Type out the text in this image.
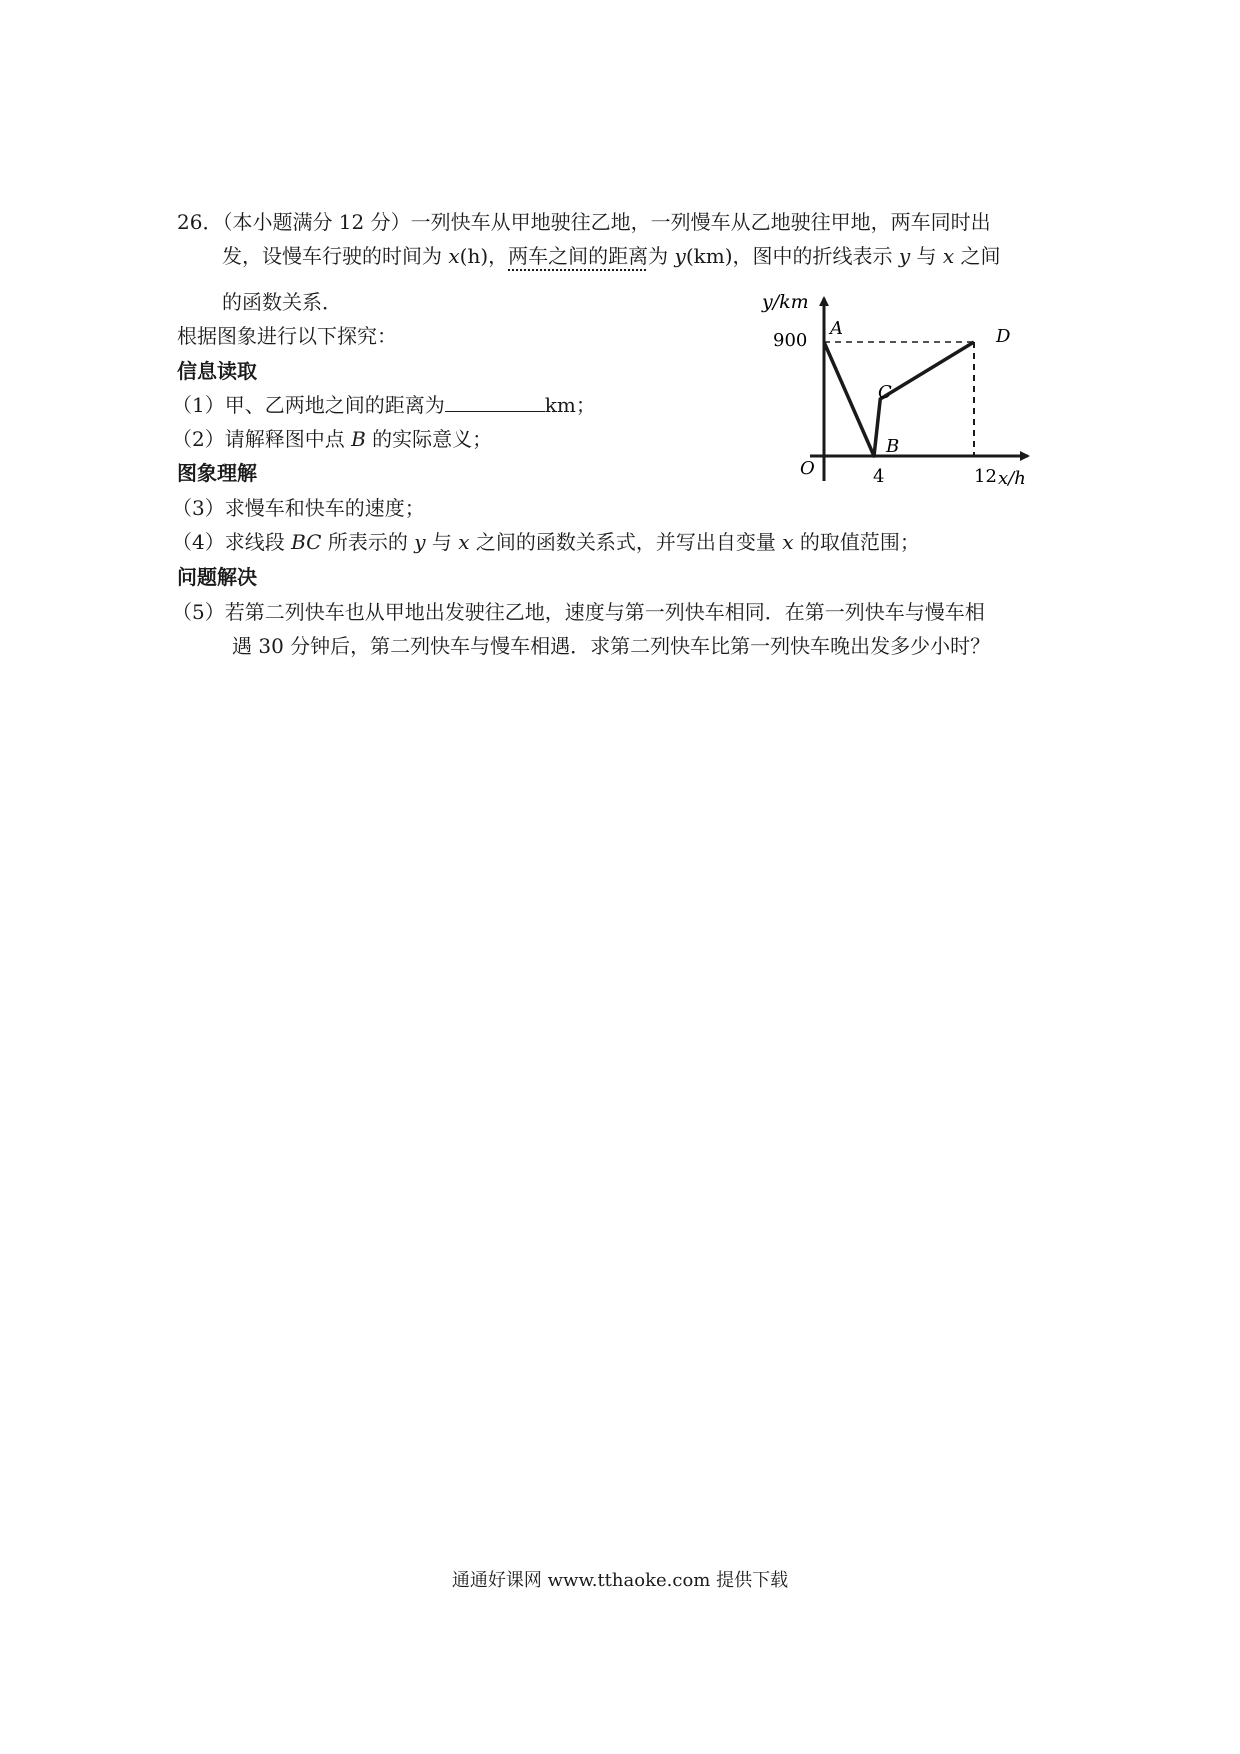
26．（本小题满分 12 分）一列快车从甲地驶往乙地，一列慢车从乙地驶往甲地，两车同时出
发，设慢车行驶的时间为 x(h)，两车之间的距离为 y(km)，图中的折线表示 y 与 x 之间
的函数关系．
根据图象进行以下探究：
信息读取
（1）甲、乙两地之间的距离为	km；
（2）请解释图中点 B 的实际意义；
图象理解
（3）求慢车和快车的速度；
（4）求线段 BC 所表示的 y 与 x 之间的函数关系式，并写出自变量 x 的取值范围；
问题解决
（5）若第二列快车也从甲地出发驶往乙地，速度与第一列快车相同．在第一列快车与慢车相
遇 30 分钟后，第二列快车与慢车相遇．求第二列快车比第一列快车晚出发多少小时？
y/km
900
O	4	12 x/h
A
B
C
D
通通好课网 www.tthaoke.com 提供下载
